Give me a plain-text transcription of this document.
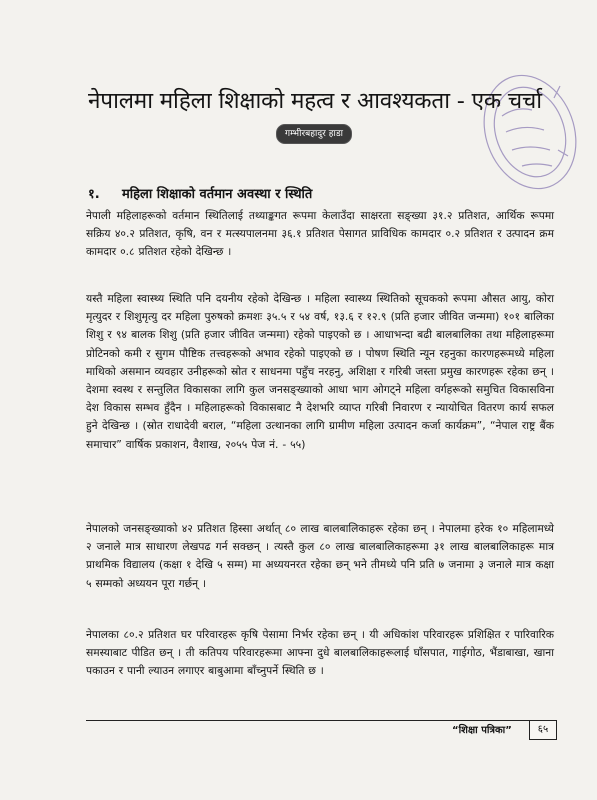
नेपालमा महिला शिक्षाको महत्व र आवश्यकता - एक चर्चा
गम्भीरबहादुर हाडा
१. महिला शिक्षाको वर्तमान अवस्था र स्थिति
नेपाली महिलाहरूको वर्तमान स्थितिलाई तथ्याङ्कगत रूपमा केलाउँदा साक्षरता सङ्ख्या ३१.२ प्रतिशत, आर्थिक रूपमा सक्रिय ४०.२ प्रतिशत, कृषि, वन र मत्स्यपालनमा ३६.१ प्रतिशत पेसागत प्राविधिक कामदार ०.२ प्रतिशत र उत्पादन क्रम कामदार ०.८ प्रतिशत रहेको देखिन्छ ।
यस्तै महिला स्वास्थ्य स्थिति पनि दयनीय रहेको देखिन्छ । महिला स्वास्थ्य स्थितिको सूचकको रूपमा औसत आयु, कोरा मृत्युदर र शिशुमृत्यु दर महिला पुरुषको क्रमशः ३५.५ र ५४ वर्ष, १३.६ र १२.९ (प्रति हजार जीवित जन्ममा) १०१ बालिका शिशु र ९४ बालक शिशु (प्रति हजार जीवित जन्ममा) रहेको पाइएको छ । आधाभन्दा बढी बालबालिका तथा महिलाहरूमा प्रोटिनको कमी र सुगम पौष्टिक तत्त्वहरूको अभाव रहेको पाइएको छ । पोषण स्थिति न्यून रहनुका कारणहरूमध्ये महिला माथिको असमान व्यवहार उनीहरूको स्रोत र साधनमा पहुँच नरहनु, अशिक्षा र गरिबी जस्ता प्रमुख कारणहरू रहेका छन् । देशमा स्वस्थ र सन्तुलित विकासका लागि कुल जनसङ्ख्याको आधा भाग ओगट्ने महिला वर्गहरूको समुचित विकासविना देश विकास सम्भव हुँदैन । महिलाहरूको विकासबाट नै देशभरि व्याप्त गरिबी निवारण र न्यायोचित वितरण कार्य सफल हुने देखिन्छ । (स्रोत राधादेवी बराल, “महिला उत्थानका लागि ग्रामीण महिला उत्पादन कर्जा कार्यक्रम”, “नेपाल राष्ट्र बैंक समाचार” वार्षिक प्रकाशन, वैशाख, २०५५ पेज नं. - ५५)
नेपालको जनसङ्ख्याको ४२ प्रतिशत हिस्सा अर्थात् ८० लाख बालबालिकाहरू रहेका छन् । नेपालमा हरेक १० महिलामध्ये २ जनाले मात्र साधारण लेखपढ गर्न सक्छन् । त्यस्तै कुल ८० लाख बालबालिकाहरूमा ३१ लाख बालबालिकाहरू मात्र प्राथमिक विद्यालय (कक्षा १ देखि ५ सम्म) मा अध्ययनरत रहेका छन् भने तीमध्ये पनि प्रति ७ जनामा ३ जनाले मात्र कक्षा ५ सम्मको अध्ययन पूरा गर्छन् ।
नेपालका ८०.२ प्रतिशत घर परिवारहरू कृषि पेसामा निर्भर रहेका छन् । यी अधिकांश परिवारहरू प्रशिक्षित र पारिवारिक समस्याबाट पीडित छन् । ती कतिपय परिवारहरूमा आफ्ना दुधे बालबालिकाहरूलाई घाँसपात, गाईगोठ, भैंडाबाखा, खाना पकाउन र पानी ल्याउन लगाएर बाबुआमा बाँच्नुपर्ने स्थिति छ ।
“शिक्षा पत्रिका”	६५
